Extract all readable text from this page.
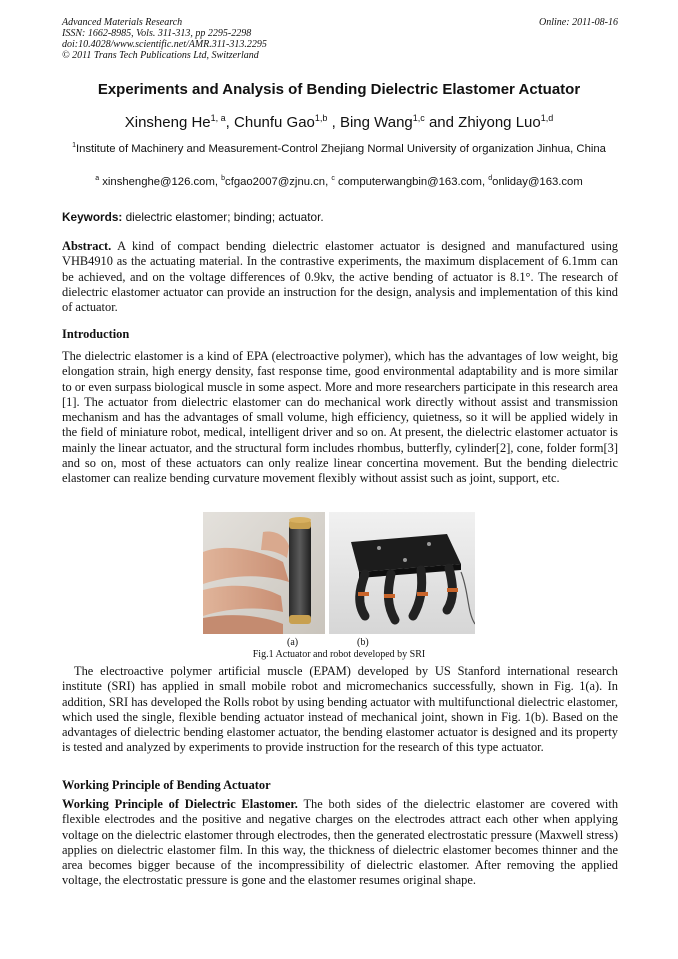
Advanced Materials Research
ISSN: 1662-8985, Vols. 311-313, pp 2295-2298
doi:10.4028/www.scientific.net/AMR.311-313.2295
© 2011 Trans Tech Publications Ltd, Switzerland
Online: 2011-08-16
Experiments and Analysis of Bending Dielectric Elastomer Actuator
Xinsheng He$^{1, a}$, Chunfu Gao$^{1,b}$ , Bing Wang$^{1,c}$ and Zhiyong Luo$^{1,d}$
$^1$Institute of Machinery and Measurement-Control Zhejiang Normal University of organization Jinhua, China
$^a$ xinshenghe@126.com, $^b$cfgao2007@zjnu.cn, $^c$ computerwangbin@163.com, $^d$onliday@163.com
Keywords: dielectric elastomer; binding; actuator.
Abstract. A kind of compact bending dielectric elastomer actuator is designed and manufactured using VHB4910 as the actuating material. In the contrastive experiments, the maximum displacement of 6.1mm can be achieved, and on the voltage differences of 0.9kv, the active bending of actuator is 8.1°. The research of dielectric elastomer actuator can provide an instruction for the design, analysis and implementation of this kind of actuator.
Introduction
The dielectric elastomer is a kind of EPA (electroactive polymer), which has the advantages of low weight, big elongation strain, high energy density, fast response time, good environmental adaptability and is more similar to or even surpass biological muscle in some aspect. More and more researchers participate in this research area [1]. The actuator from dielectric elastomer can do mechanical work directly without assist and transmission mechanism and has the advantages of small volume, high efficiency, quietness, so it will be applied widely in the field of miniature robot, medical, intelligent driver and so on. At present, the dielectric elastomer actuator is mainly the linear actuator, and the structural form includes rhombus, butterfly, cylinder[2], cone, folder form[3] and so on, most of these actuators can only realize linear concertina movement. But the bending dielectric elastomer can realize bending curvature movement flexibly without assist such as joint, support, etc.
(a)	(b)
Fig.1 Actuator and robot developed by SRI
The electroactive polymer artificial muscle (EPAM) developed by US Stanford international research institute (SRI) has applied in small mobile robot and micromechanics successfully, shown in Fig. 1(a). In addition, SRI has developed the Rolls robot by using bending actuator with multifunctional dielectric elastomer, which used the single, flexible bending actuator instead of mechanical joint, shown in Fig. 1(b). Based on the advantages of dielectric bending elastomer actuator, the bending elastomer actuator is designed and its property is tested and analyzed by experiments to provide instruction for the research of this type actuator.
Working Principle of Bending Actuator
Working Principle of Dielectric Elastomer. The both sides of the dielectric elastomer are covered with flexible electrodes and the positive and negative charges on the electrodes attract each other when applying voltage on the dielectric elastomer through electrodes, then the generated electrostatic pressure (Maxwell stress) applies on dielectric elastomer film. In this way, the thickness of dielectric elastomer becomes thinner and the area becomes bigger because of the incompressibility of dielectric elastomer. After removing the applied voltage, the electrostatic pressure is gone and the elastomer resumes original shape.
